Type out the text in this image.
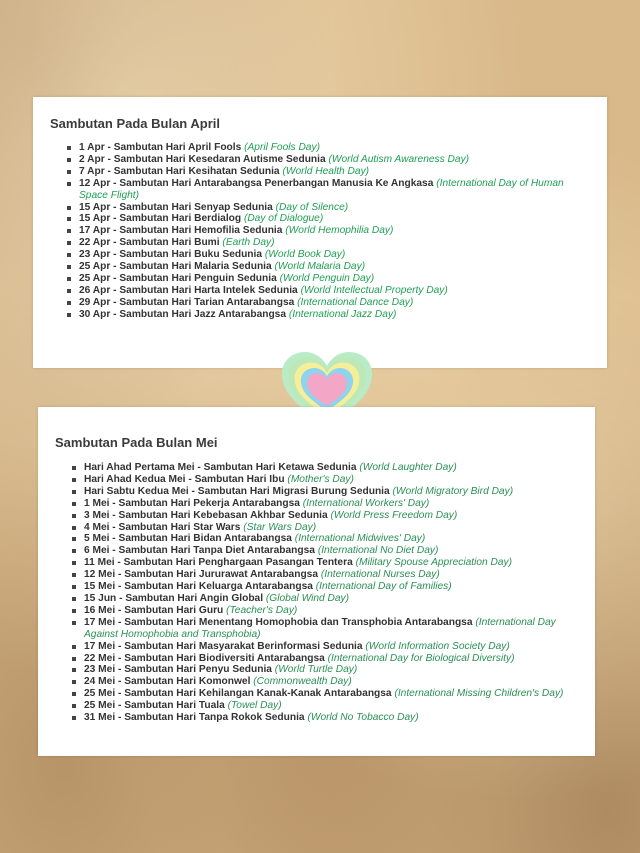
Sambutan Pada Bulan April
1 Apr - Sambutan Hari April Fools (April Fools Day)
2 Apr - Sambutan Hari Kesedaran Autisme Sedunia (World Autism Awareness Day)
7 Apr - Sambutan Hari Kesihatan Sedunia (World Health Day)
12 Apr - Sambutan Hari Antarabangsa Penerbangan Manusia Ke Angkasa (International Day of Human Space Flight)
15 Apr - Sambutan Hari Senyap Sedunia (Day of Silence)
15 Apr - Sambutan Hari Berdialog (Day of Dialogue)
17 Apr - Sambutan Hari Hemofilia Sedunia (World Hemophilia Day)
22 Apr - Sambutan Hari Bumi (Earth Day)
23 Apr - Sambutan Hari Buku Sedunia (World Book Day)
25 Apr - Sambutan Hari Malaria Sedunia (World Malaria Day)
25 Apr - Sambutan Hari Penguin Sedunia (World Penguin Day)
26 Apr - Sambutan Hari Harta Intelek Sedunia (World Intellectual Property Day)
29 Apr - Sambutan Hari Tarian Antarabangsa (International Dance Day)
30 Apr - Sambutan Hari Jazz Antarabangsa (International Jazz Day)
Sambutan Pada Bulan Mei
Hari Ahad Pertama Mei - Sambutan Hari Ketawa Sedunia (World Laughter Day)
Hari Ahad Kedua Mei - Sambutan Hari Ibu (Mother's Day)
Hari Sabtu Kedua Mei - Sambutan Hari Migrasi Burung Sedunia (World Migratory Bird Day)
1 Mei - Sambutan Hari Pekerja Antarabangsa (International Workers' Day)
3 Mei - Sambutan Hari Kebebasan Akhbar Sedunia (World Press Freedom Day)
4 Mei - Sambutan Hari Star Wars (Star Wars Day)
5 Mei - Sambutan Hari Bidan Antarabangsa (International Midwives' Day)
6 Mei - Sambutan Hari Tanpa Diet Antarabangsa (International No Diet Day)
11 Mei - Sambutan Hari Penghargaan Pasangan Tentera (Military Spouse Appreciation Day)
12 Mei - Sambutan Hari Jururawat Antarabangsa (International Nurses Day)
15 Mei - Sambutan Hari Keluarga Antarabangsa (International Day of Families)
15 Jun - Sambutan Hari Angin Global (Global Wind Day)
16 Mei - Sambutan Hari Guru (Teacher's Day)
17 Mei - Sambutan Hari Menentang Homophobia dan Transphobia Antarabangsa (International Day Against Homophobia and Transphobia)
17 Mei - Sambutan Hari Masyarakat Berinformasi Sedunia (World Information Society Day)
22 Mei - Sambutan Hari Biodiversiti Antarabangsa (International Day for Biological Diversity)
23 Mei - Sambutan Hari Penyu Sedunia (World Turtle Day)
24 Mei - Sambutan Hari Komonwel (Commonwealth Day)
25 Mei - Sambutan Hari Kehilangan Kanak-Kanak Antarabangsa (International Missing Children's Day)
25 Mei - Sambutan Hari Tuala (Towel Day)
31 Mei - Sambutan Hari Tanpa Rokok Sedunia (World No Tobacco Day)
